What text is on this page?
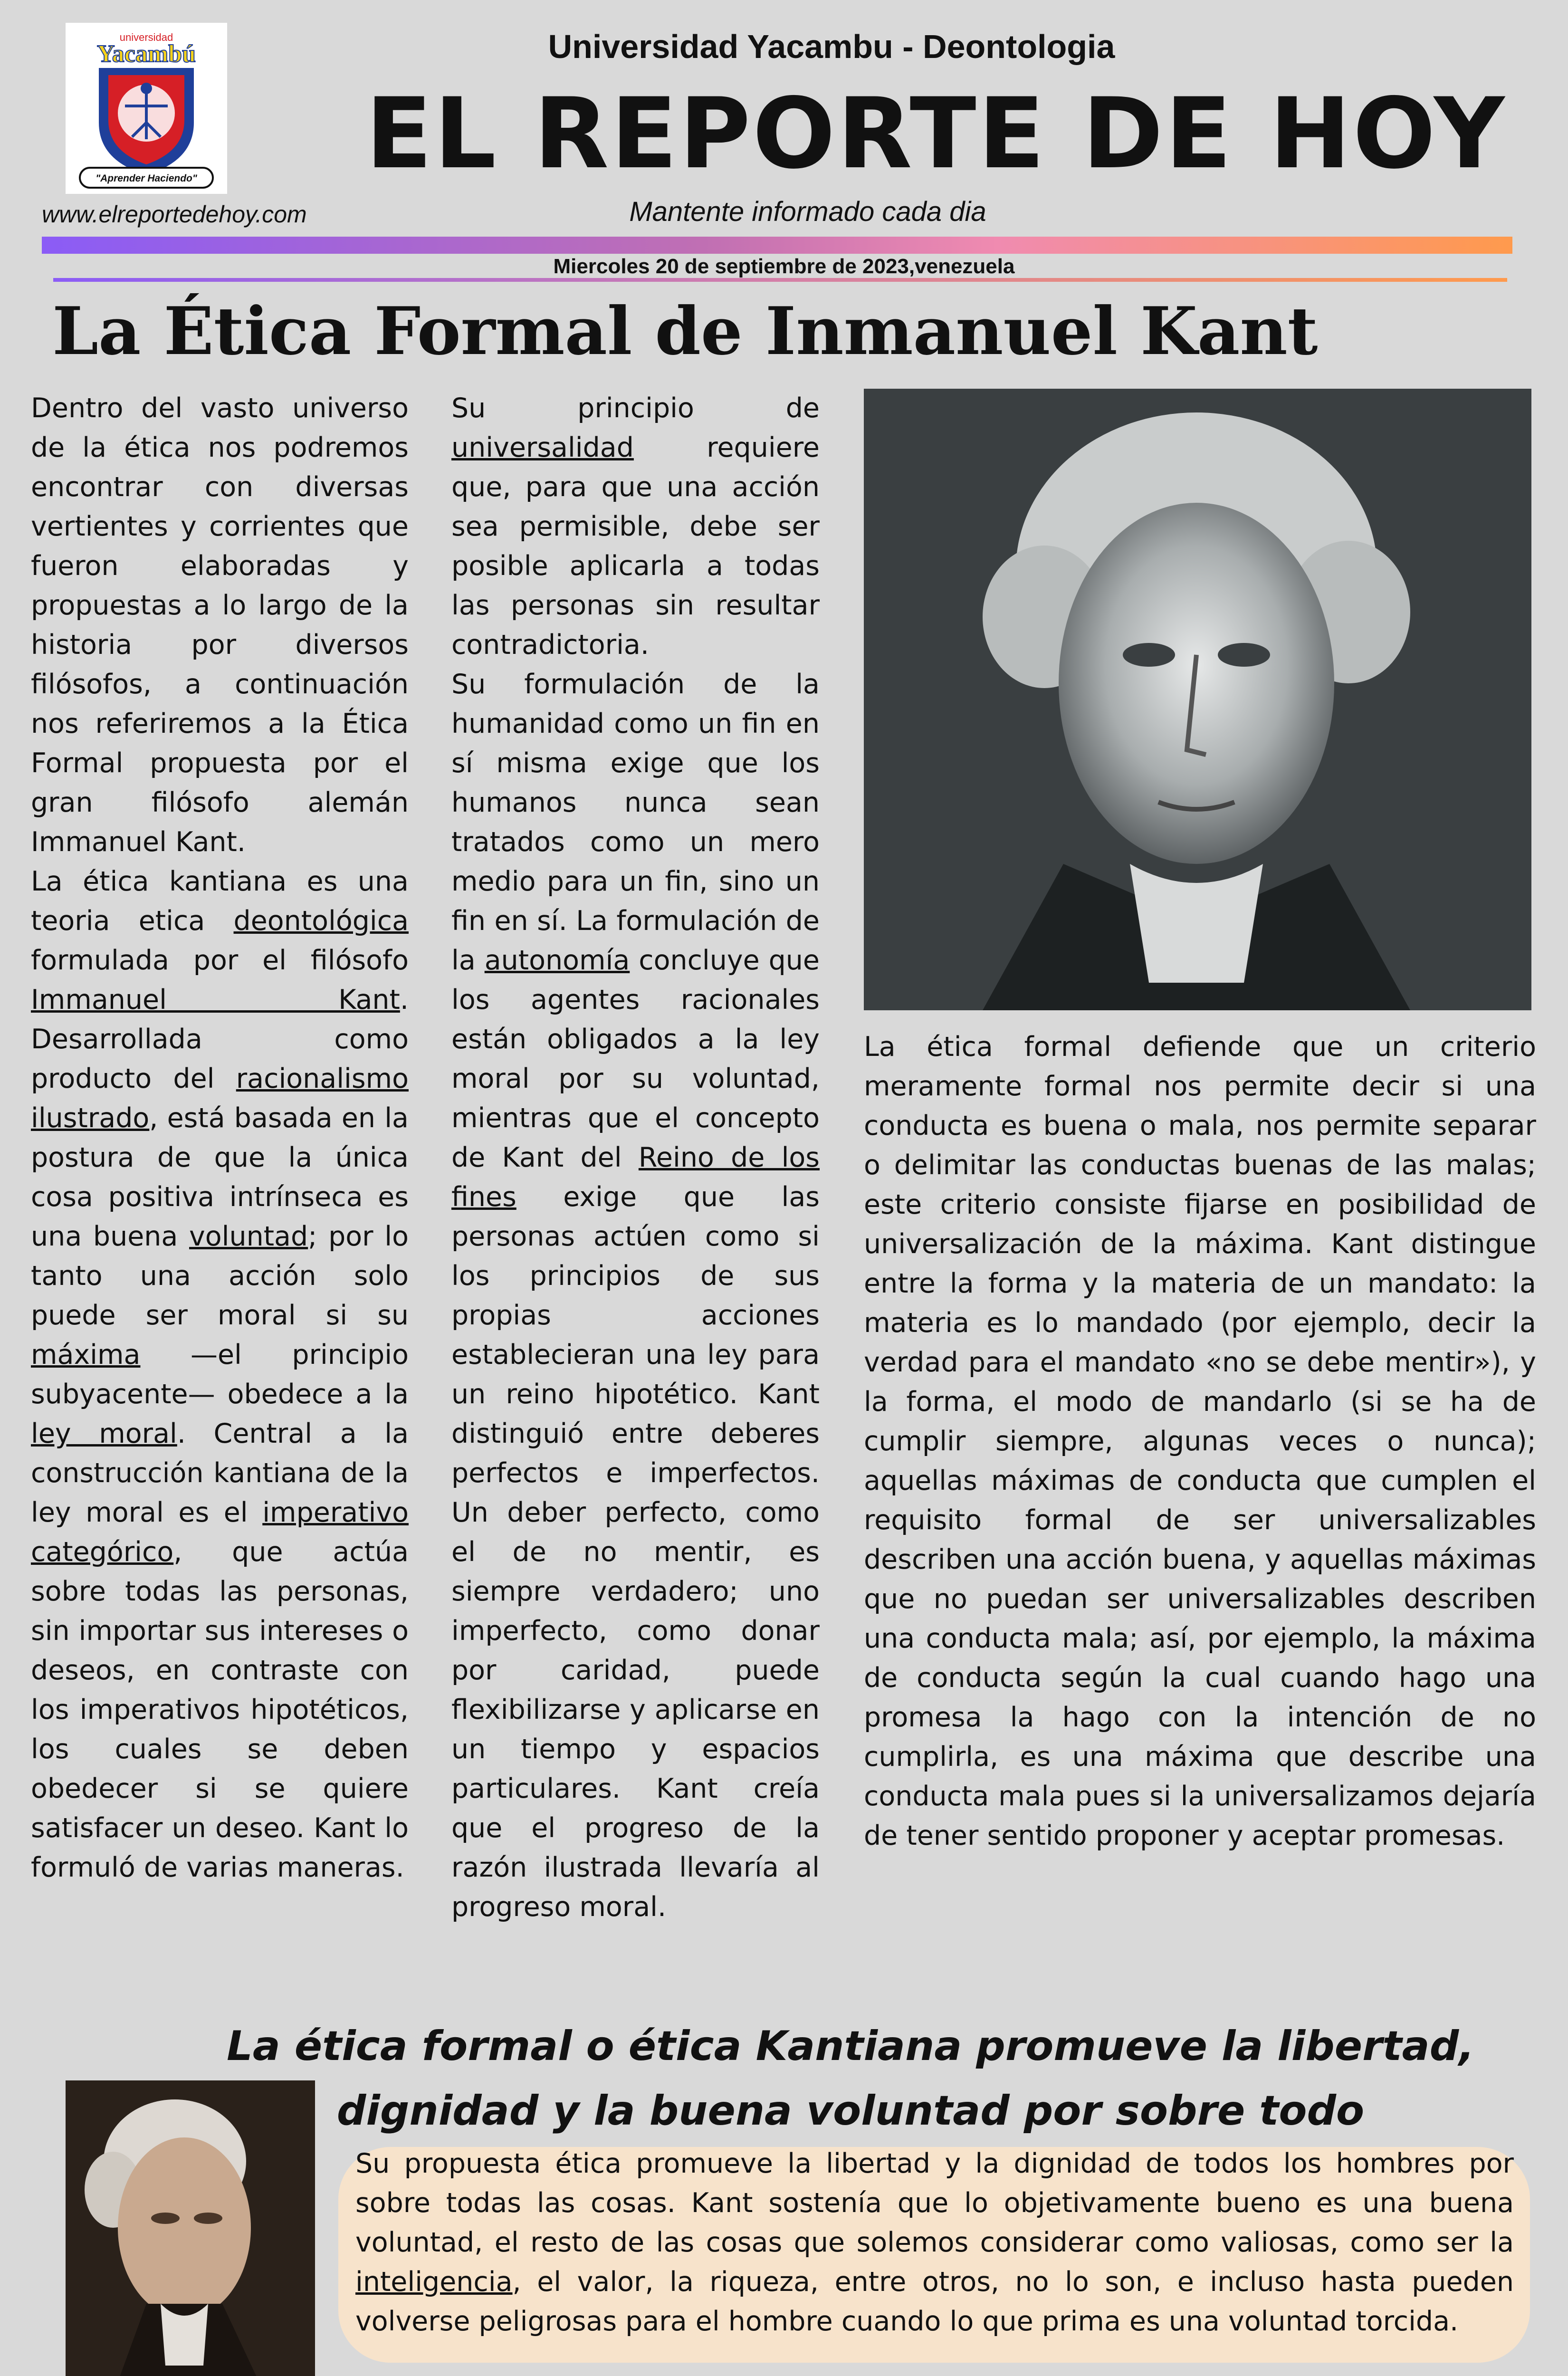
universidad
Yacambú
"Aprender Haciendo"
Universidad Yacambu - Deontologia
EL REPORTE DE HOY
www.elreportedehoy.com	Mantente informado cada dia
Miercoles 20 de septiembre de 2023,venezuela
La Ética Formal de Inmanuel Kant

Dentro del vasto universo de la ética nos podremos encontrar con diversas vertientes y corrientes que fueron elaboradas y propuestas a lo largo de la historia por diversos filósofos, a continuación nos referiremos a la Ética Formal propuesta por el gran filósofo alemán Immanuel Kant.

La ética kantiana es una teoria etica deontológica formulada por el filósofo Immanuel Kant. Desarrollada como producto del racionalismo ilustrado, está basada en la postura de que la única cosa positiva intrínseca es una buena voluntad; por lo tanto una acción solo puede ser moral si su máxima —el principio subyacente— obedece a la ley moral. Central a la construcción kantiana de la ley moral es el imperativo categórico, que actúa sobre todas las personas, sin importar sus intereses o deseos, en contraste con los imperativos hipotéticos, los cuales se deben obedecer si se quiere satisfacer un deseo. Kant lo formuló de varias maneras.

Su principio de universalidad requiere que, para que una acción sea permisible, debe ser posible aplicarla a todas las personas sin resultar contradictoria.

Su formulación de la humanidad como un fin en sí misma exige que los humanos nunca sean tratados como un mero medio para un fin, sino un fin en sí. La formulación de la autonomía concluye que los agentes racionales están obligados a la ley moral por su voluntad, mientras que el concepto de Kant del Reino de los fines exige que las personas actúen como si los principios de sus propias acciones establecieran una ley para un reino hipotético. Kant distinguió entre deberes perfectos e imperfectos. Un deber perfecto, como el de no mentir, es siempre verdadero; uno imperfecto, como donar por caridad, puede flexibilizarse y aplicarse en un tiempo y espacios particulares. Kant creía que el progreso de la razón ilustrada llevaría al progreso moral.

La ética formal defiende que un criterio meramente formal nos permite decir si una conducta es buena o mala, nos permite separar o delimitar las conductas buenas de las malas; este criterio consiste fijarse en posibilidad de universalización de la máxima. Kant distingue entre la forma y la materia de un mandato: la materia es lo mandado (por ejemplo, decir la verdad para el mandato «no se debe mentir»), y la forma, el modo de mandarlo (si se ha de cumplir siempre, algunas veces o nunca); aquellas máximas de conducta que cumplen el requisito formal de ser universalizables describen una acción buena, y aquellas máximas que no puedan ser universalizables describen una conducta mala; así, por ejemplo, la máxima de conducta según la cual cuando hago una promesa la hago con la intención de no cumplirla, es una máxima que describe una conducta mala pues si la universalizamos dejaría de tener sentido proponer y aceptar promesas.
La ética formal o ética Kantiana promueve la libertad, dignidad y la buena voluntad por sobre todo
Su propuesta ética promueve la libertad y la dignidad de todos los hombres por sobre todas las cosas. Kant sostenía que lo objetivamente bueno es una buena voluntad, el resto de las cosas que solemos considerar como valiosas, como ser la inteligencia, el valor, la riqueza, entre otros, no lo son, e incluso hasta pueden volverse peligrosas para el hombre cuando lo que prima es una voluntad torcida.
